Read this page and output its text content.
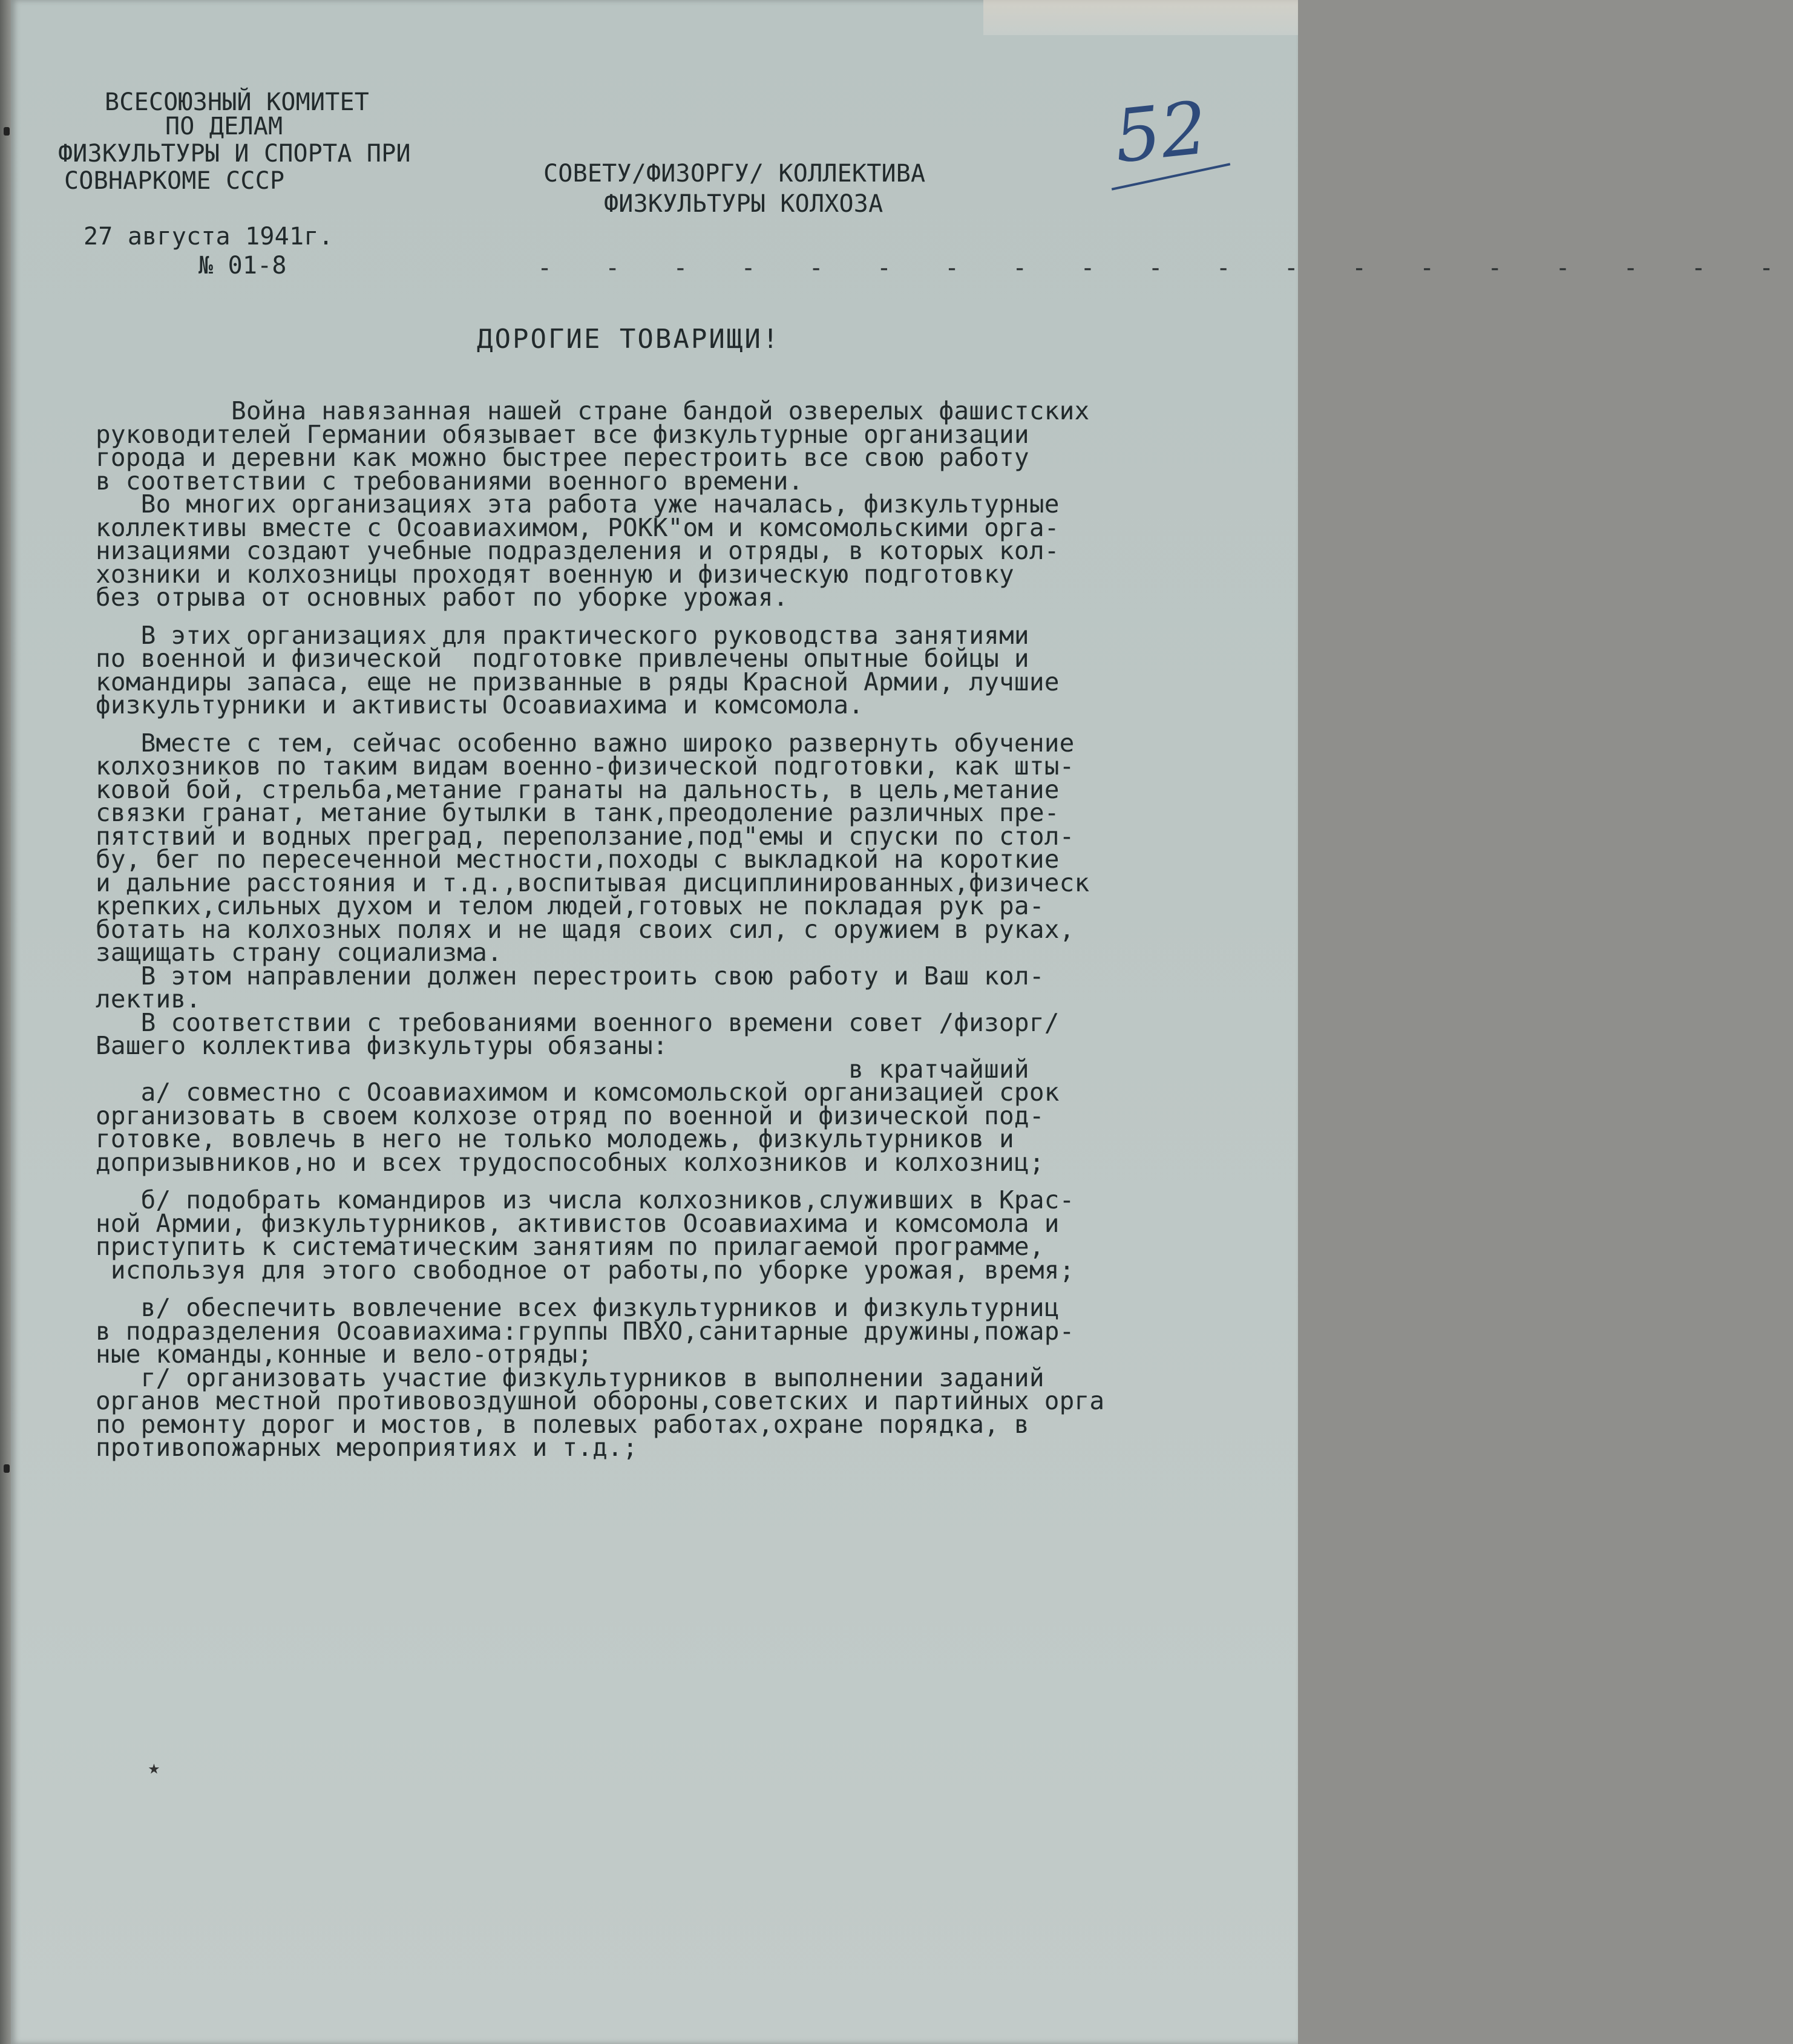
ВСЕСОЮЗНЫЙ КОМИТЕТ
ПО ДЕЛАМ
ФИЗКУЛЬТУРЫ И СПОРТА ПРИ
СОВНАРКОМЕ СССР	СОВЕТУ/ФИЗОРГУ/ КОЛЛЕКТИВА
ФИЗКУЛЬТУРЫ КОЛХОЗА
27 августа 1941г.
№ 01-8	- - - - - - - - - - - - - - - - - - -
52
ДОРОГИЕ ТОВАРИЩИ!
Война навязанная нашей стране бандой озверелых фашистских
руководителей Германии обязывает все физкультурные организации
города и деревни как можно быстрее перестроить все свою работу
в соответствии с требованиями военного времени.
Во многих организациях эта работа уже началась, физкультурные
коллективы вместе с Осоавиахимом, РОКК"ом и комсомольскими орга-
низациями создают учебные подразделения и отряды, в которых кол-
хозники и колхозницы проходят военную и физическую подготовку
без отрыва от основных работ по уборке урожая.
В этих организациях для практического руководства занятиями
по военной и физической  подготовке привлечены опытные бойцы и
командиры запаса, еще не призванные в ряды Красной Армии, лучшие
физкультурники и активисты Осоавиахима и комсомола.
Вместе с тем, сейчас особенно важно широко развернуть обучение
колхозников по таким видам военно-физической подготовки, как шты-
ковой бой, стрельба,метание гранаты на дальность, в цель,метание
связки гранат, метание бутылки в танк,преодоление различных пре-
пятствий и водных преград, переползание,под"емы и спуски по стол-
бу, бег по пересеченной местности,походы с выкладкой на короткие
и дальние расстояния и т.д.,воспитывая дисциплинированных,физическ
крепких,сильных духом и телом людей,готовых не покладая рук ра-
ботать на колхозных полях и не щадя своих сил, с оружием в руках,
защищать страну социализма.
В этом направлении должен перестроить свою работу и Ваш кол-
лектив.
В соответствии с требованиями военного времени совет /физорг/
Вашего коллектива физкультуры обязаны:
в кратчайший
а/ совместно с Осоавиахимом и комсомольской организацией срок
организовать в своем колхозе отряд по военной и физической под-
готовке, вовлечь в него не только молодежь, физкультурников и
допризывников,но и всех трудоспособных колхозников и колхозниц;
б/ подобрать командиров из числа колхозников,служивших в Крас-
ной Армии, физкультурников, активистов Осоавиахима и комсомола и
приступить к систематическим занятиям по прилагаемой программе,
используя для этого свободное от работы,по уборке урожая, время;
в/ обеспечить вовлечение всех физкультурников и физкультурниц
в подразделения Осоавиахима:группы ПВХО,санитарные дружины,пожар-
ные команды,конные и вело-отряды;
г/ организовать участие физкультурников в выполнении заданий
органов местной противовоздушной обороны,советских и партийных орга
по ремонту дорог и мостов, в полевых работах,охране порядка, в
противопожарных мероприятиях и т.д.;
٭
